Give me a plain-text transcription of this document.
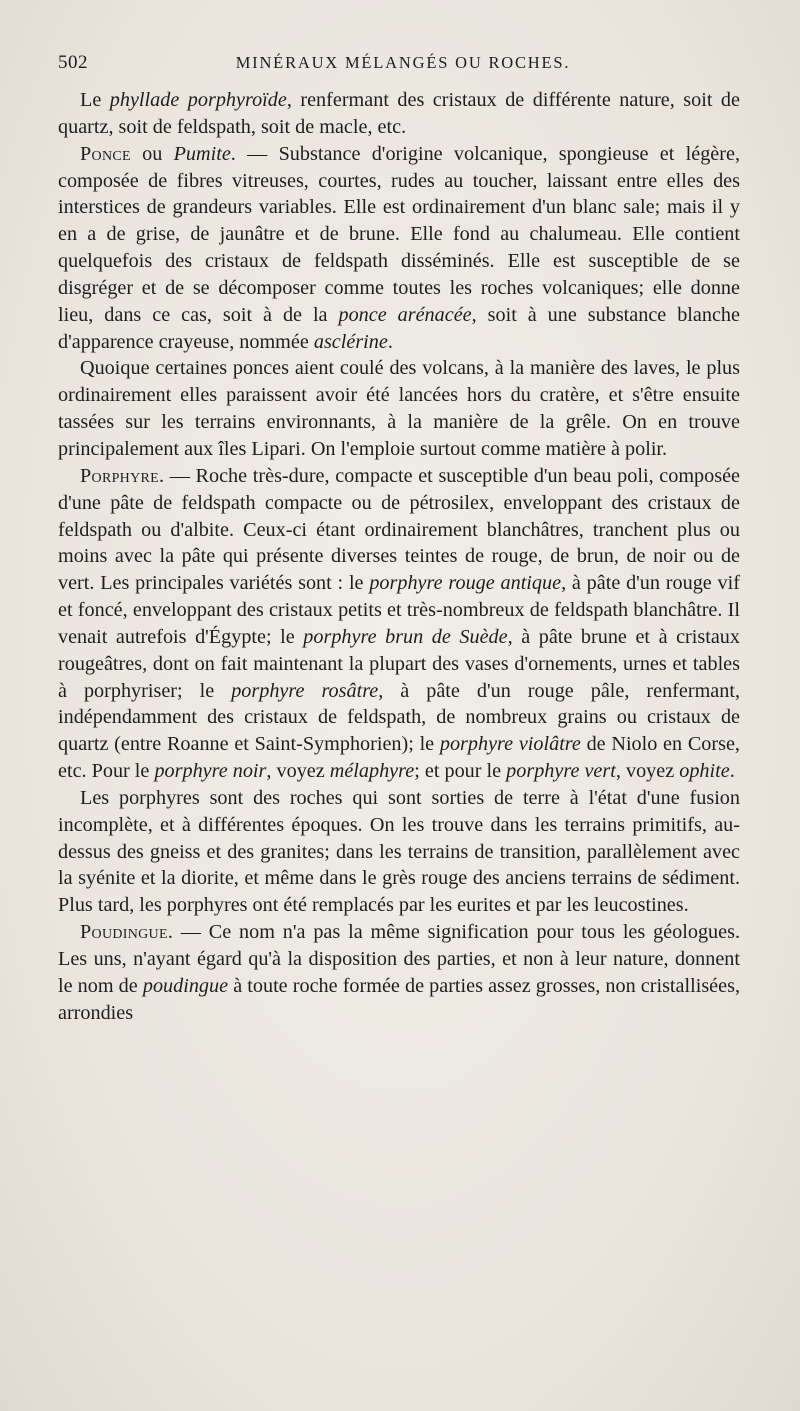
502	MINÉRAUX MÉLANGÉS OU ROCHES.

Le phyllade porphyroïde, renfermant des cristaux de différente nature, soit de quartz, soit de feldspath, soit de macle, etc.

Ponce ou Pumite. — Substance d'origine volcanique, spongieuse et légère, composée de fibres vitreuses, courtes, rudes au toucher, laissant entre elles des interstices de grandeurs variables. Elle est ordinairement d'un blanc sale; mais il y en a de grise, de jaunâtre et de brune. Elle fond au chalumeau. Elle contient quelquefois des cristaux de feldspath disséminés. Elle est susceptible de se disgréger et de se décomposer comme toutes les roches volcaniques; elle donne lieu, dans ce cas, soit à de la ponce arénacée, soit à une substance blanche d'apparence crayeuse, nommée asclérine.

Quoique certaines ponces aient coulé des volcans, à la manière des laves, le plus ordinairement elles paraissent avoir été lancées hors du cratère, et s'être ensuite tassées sur les terrains environnants, à la manière de la grêle. On en trouve principalement aux îles Lipari. On l'emploie surtout comme matière à polir.

Porphyre. — Roche très-dure, compacte et susceptible d'un beau poli, composée d'une pâte de feldspath compacte ou de pétrosilex, enveloppant des cristaux de feldspath ou d'albite. Ceux-ci étant ordinairement blanchâtres, tranchent plus ou moins avec la pâte qui présente diverses teintes de rouge, de brun, de noir ou de vert. Les principales variétés sont : le porphyre rouge antique, à pâte d'un rouge vif et foncé, enveloppant des cristaux petits et très-nombreux de feldspath blanchâtre. Il venait autrefois d'Égypte; le porphyre brun de Suède, à pâte brune et à cristaux rougeâtres, dont on fait maintenant la plupart des vases d'ornements, urnes et tables à porphyriser; le porphyre rosâtre, à pâte d'un rouge pâle, renfermant, indépendamment des cristaux de feldspath, de nombreux grains ou cristaux de quartz (entre Roanne et Saint-Symphorien); le porphyre violâtre de Niolo en Corse, etc. Pour le porphyre noir, voyez mélaphyre; et pour le porphyre vert, voyez ophite.

Les porphyres sont des roches qui sont sorties de terre à l'état d'une fusion incomplète, et à différentes époques. On les trouve dans les terrains primitifs, au-dessus des gneiss et des granites; dans les terrains de transition, parallèlement avec la syénite et la diorite, et même dans le grès rouge des anciens terrains de sédiment. Plus tard, les porphyres ont été remplacés par les eurites et par les leucostines.

Poudingue. — Ce nom n'a pas la même signification pour tous les géologues. Les uns, n'ayant égard qu'à la disposition des parties, et non à leur nature, donnent le nom de poudingue à toute roche formée de parties assez grosses, non cristallisées, arrondies
